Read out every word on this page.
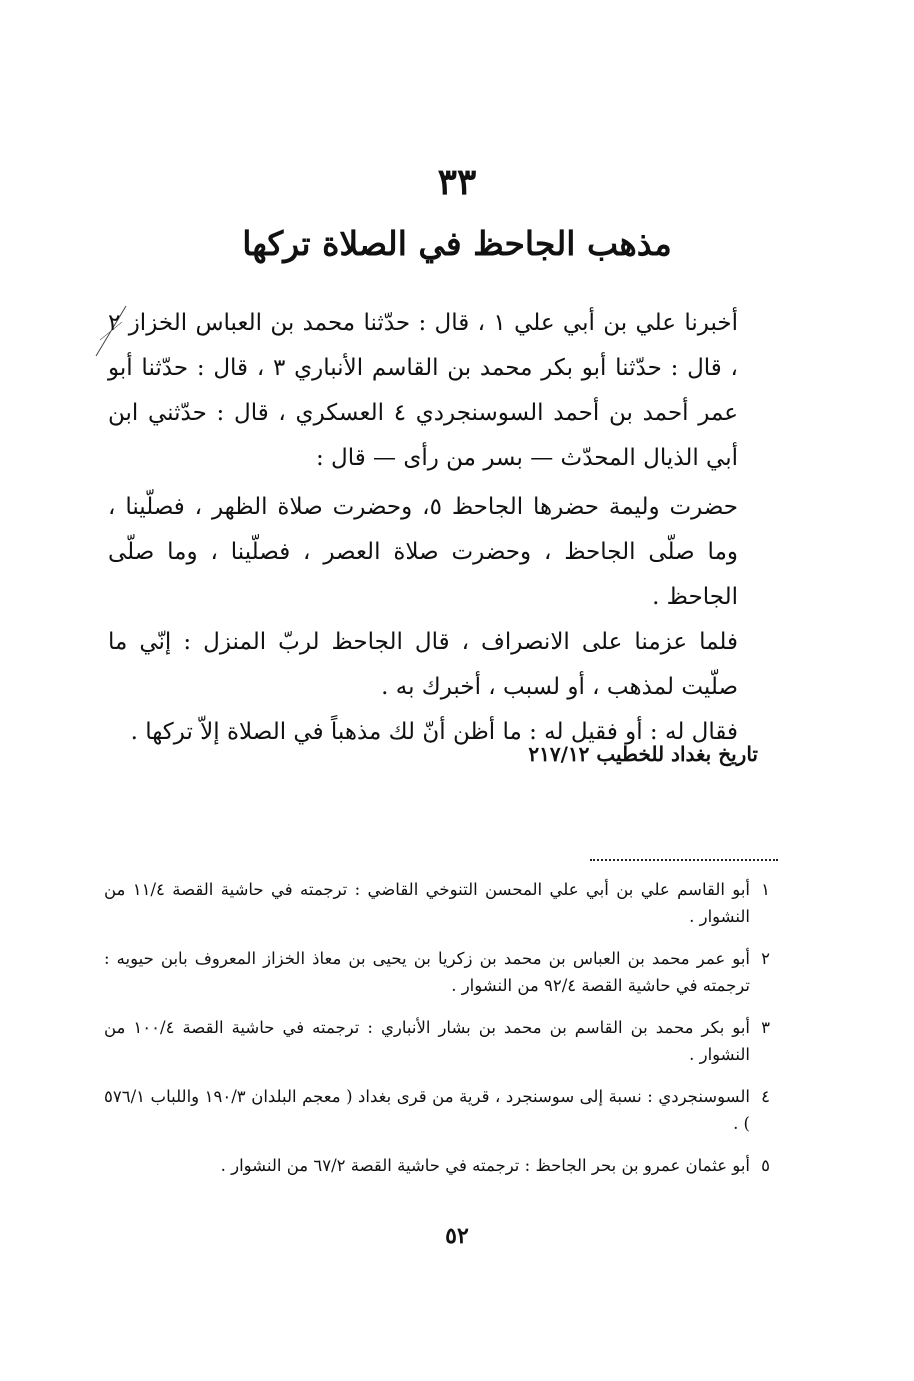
٣٣
مذهب الجاحظ في الصلاة تركها

أخبرنا علي بن أبي علي ١ ، قال : حدّثنا محمد بن العباس الخزاز ٢ ، قال : حدّثنا أبو بكر محمد بن القاسم الأنباري ٣ ، قال : حدّثنا أبو عمر أحمد بن أحمد السوسنجردي ٤ العسكري ، قال : حدّثني ابن أبي الذيال المحدّث — بسر من رأى — قال :

حضرت وليمة حضرها الجاحظ ٥، وحضرت صلاة الظهر ، فصلّينا ، وما صلّى الجاحظ ، وحضرت صلاة العصر ، فصلّينا ، وما صلّى الجاحظ .

فلما عزمنا على الانصراف ، قال الجاحظ لربّ المنزل : إنّي ما صلّيت لمذهب ، أو لسبب ، أخبرك به .

فقال له : أو فقيل له : ما أظن أنّ لك مذهباً في الصلاة إلاّ تركها .

تاريخ بغداد للخطيب ٢١٧/١٢
١
أبو القاسم علي بن أبي علي المحسن التنوخي القاضي : ترجمته في حاشية القصة ١١/٤ من النشوار .
٢
أبو عمر محمد بن العباس بن محمد بن زكريا بن يحيى بن معاذ الخزاز المعروف بابن حيويه : ترجمته في حاشية القصة ٩٢/٤ من النشوار .
٣
أبو بكر محمد بن القاسم بن محمد بن بشار الأنباري : ترجمته في حاشية القصة ١٠٠/٤ من النشوار .
٤
السوسنجردي : نسبة إلى سوسنجرد ، قرية من قرى بغداد ( معجم البلدان ١٩٠/٣ واللباب ٥٧٦/١ ) .
٥
أبو عثمان عمرو بن بحر الجاحظ : ترجمته في حاشية القصة ٦٧/٢ من النشوار .
٥٢
